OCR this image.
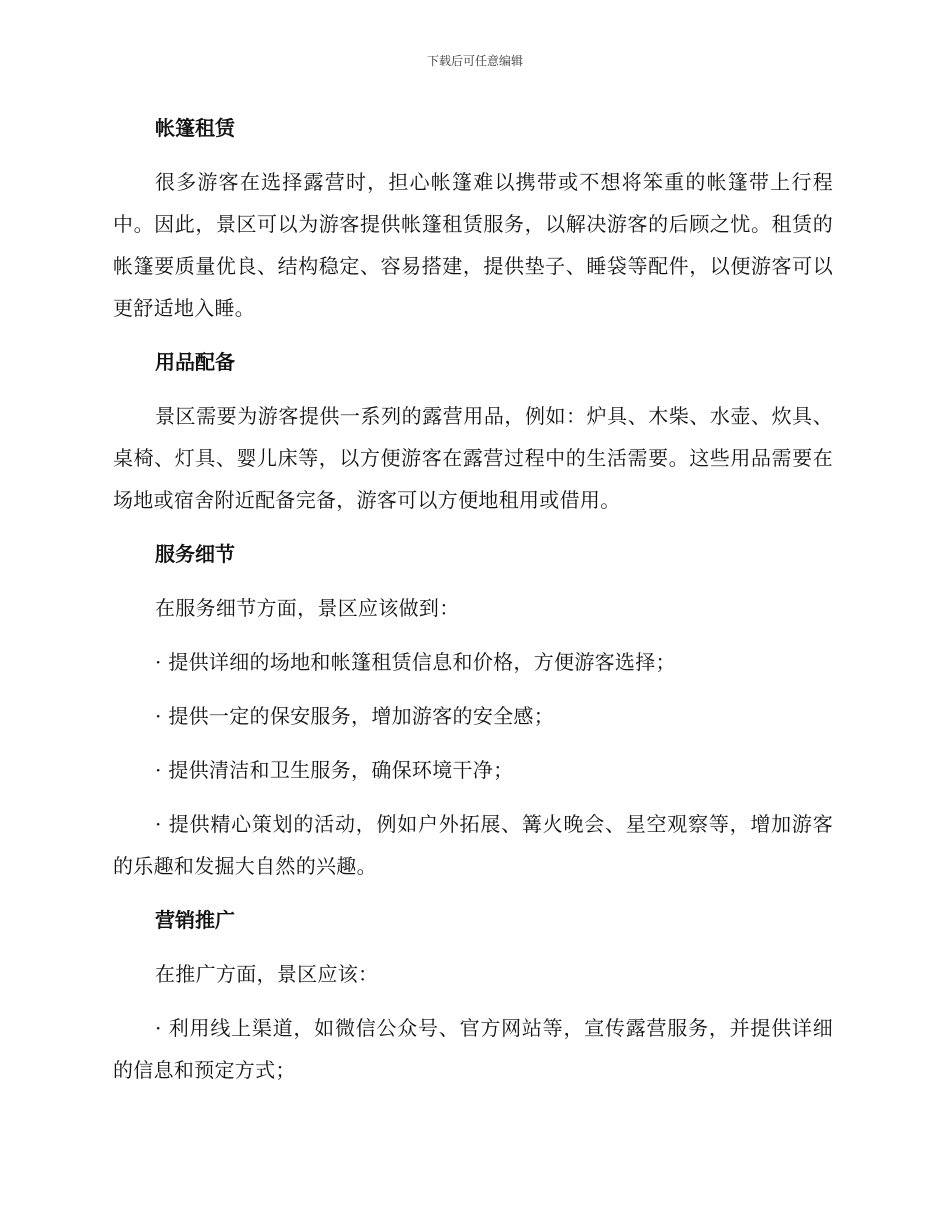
下载后可任意编辑
帐篷租赁

很多游客在选择露营时，担心帐篷难以携带或不想将笨重的帐篷带上行程中。因此，景区可以为游客提供帐篷租赁服务，以解决游客的后顾之忧。租赁的帐篷要质量优良、结构稳定、容易搭建，提供垫子、睡袋等配件，以便游客可以更舒适地入睡。

用品配备

景区需要为游客提供一系列的露营用品，例如：炉具、木柴、水壶、炊具、桌椅、灯具、婴儿床等，以方便游客在露营过程中的生活需要。这些用品需要在场地或宿舍附近配备完备，游客可以方便地租用或借用。

服务细节

在服务细节方面，景区应该做到：

· 提供详细的场地和帐篷租赁信息和价格，方便游客选择；

· 提供一定的保安服务，增加游客的安全感；

· 提供清洁和卫生服务，确保环境干净；

· 提供精心策划的活动，例如户外拓展、篝火晚会、星空观察等，增加游客的乐趣和发掘大自然的兴趣。

营销推广

在推广方面，景区应该：

· 利用线上渠道，如微信公众号、官方网站等，宣传露营服务，并提供详细的信息和预定方式；
